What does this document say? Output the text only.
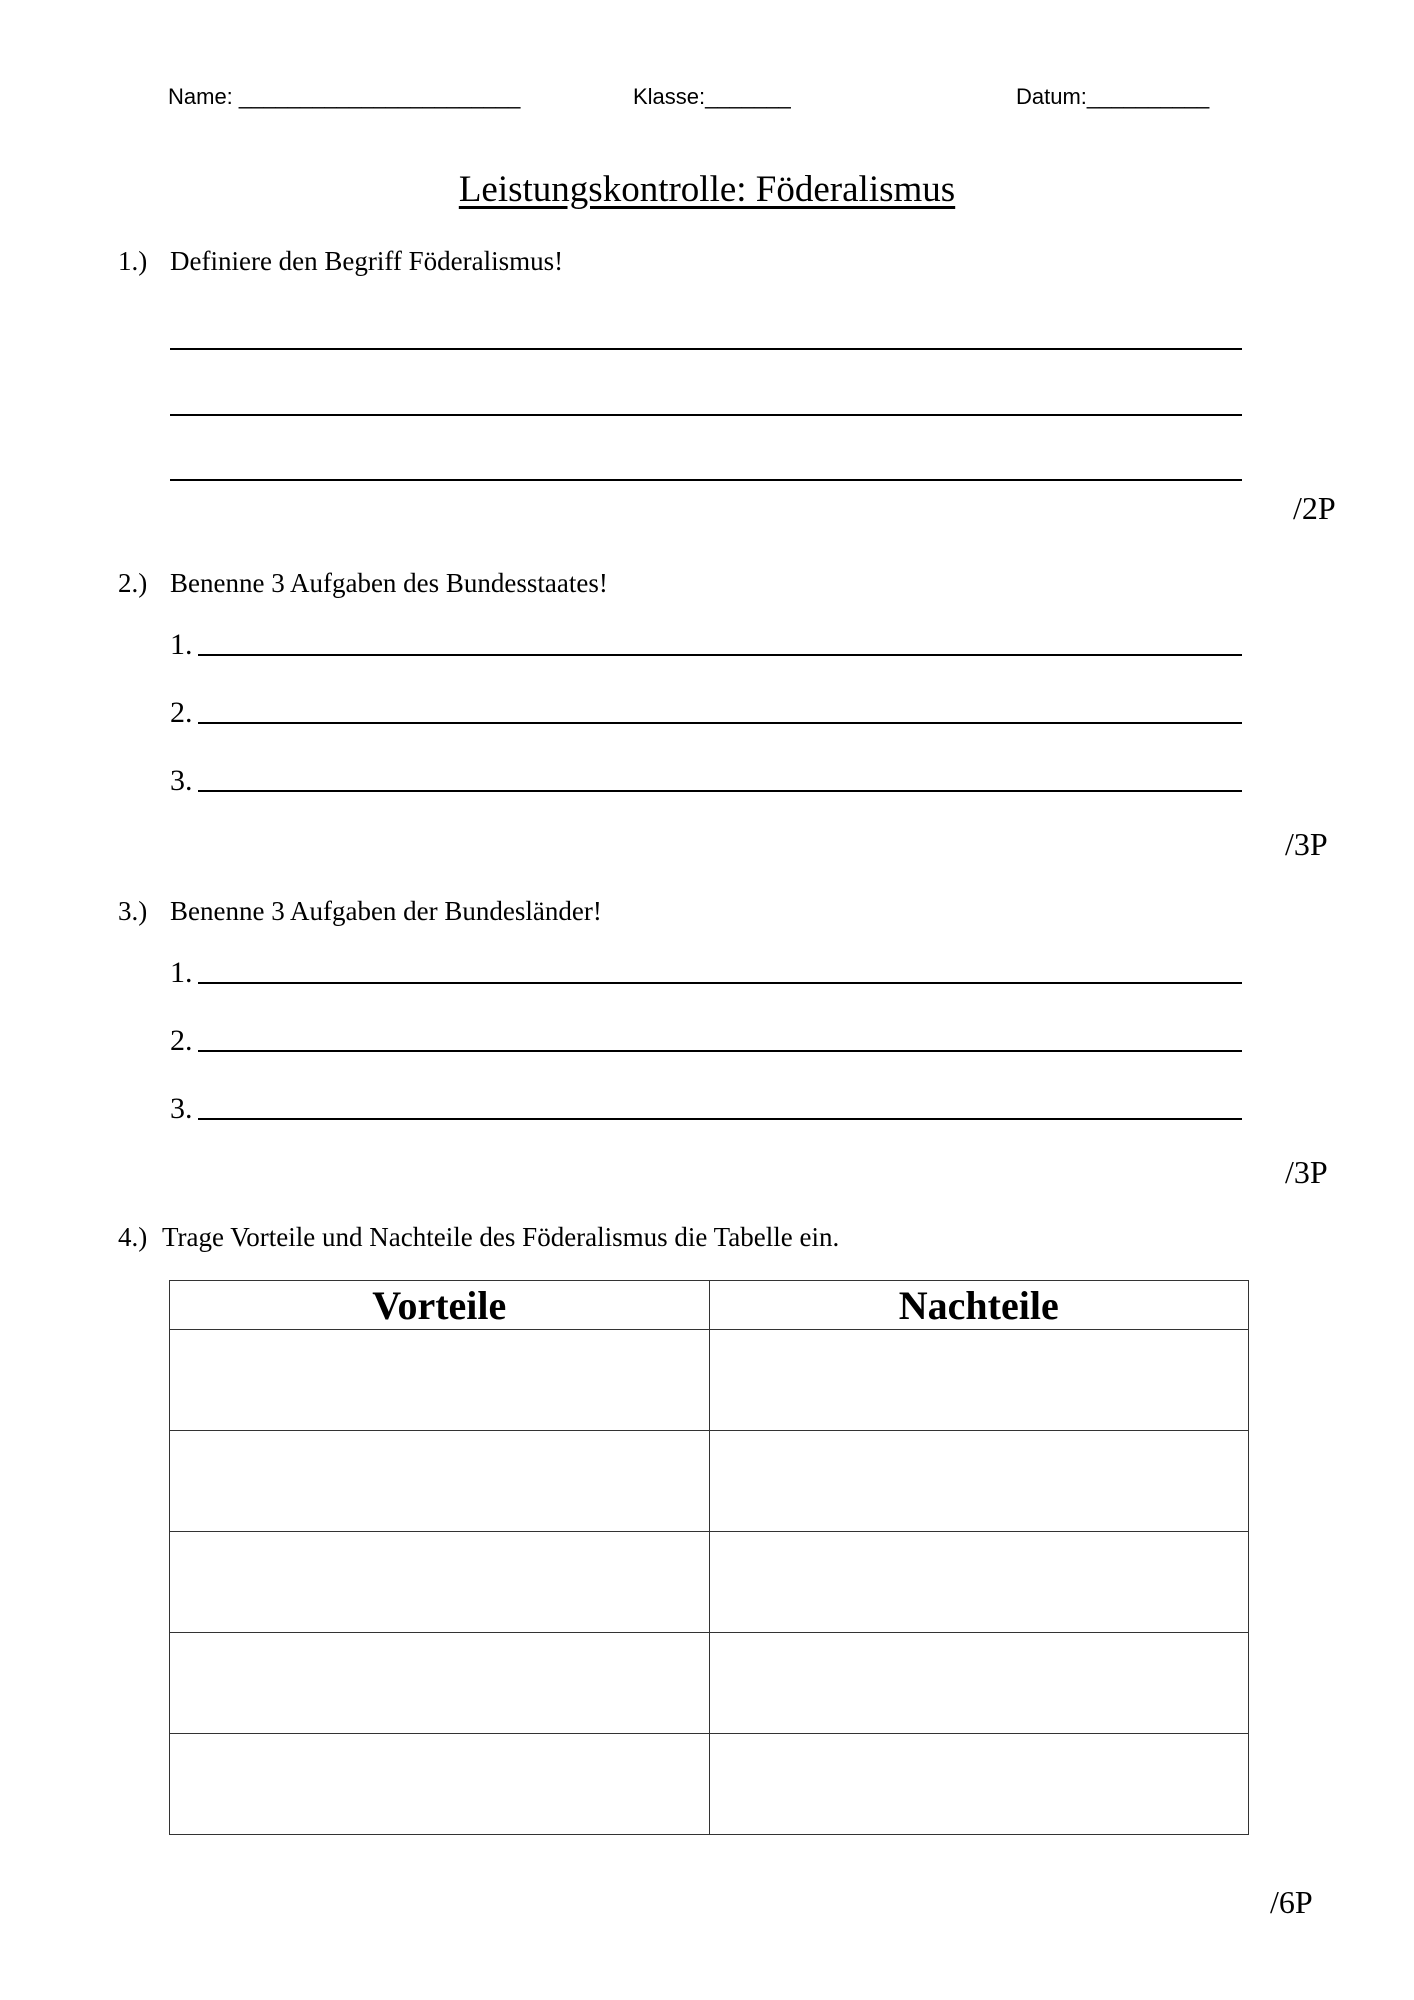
Name: _______________________	Klasse:_______	Datum:__________
Leistungskontrolle: Föderalismus
1.) Definiere den Begriff Föderalismus!
/2P
2.) Benenne 3 Aufgaben des Bundesstaates!
1.
2.
3.
/3P
3.) Benenne 3 Aufgaben der Bundesländer!
1.
2.
3.
/3P
4.) Trage Vorteile und Nachteile des Föderalismus die Tabelle ein.
Vorteile	Nachteile

/6P
